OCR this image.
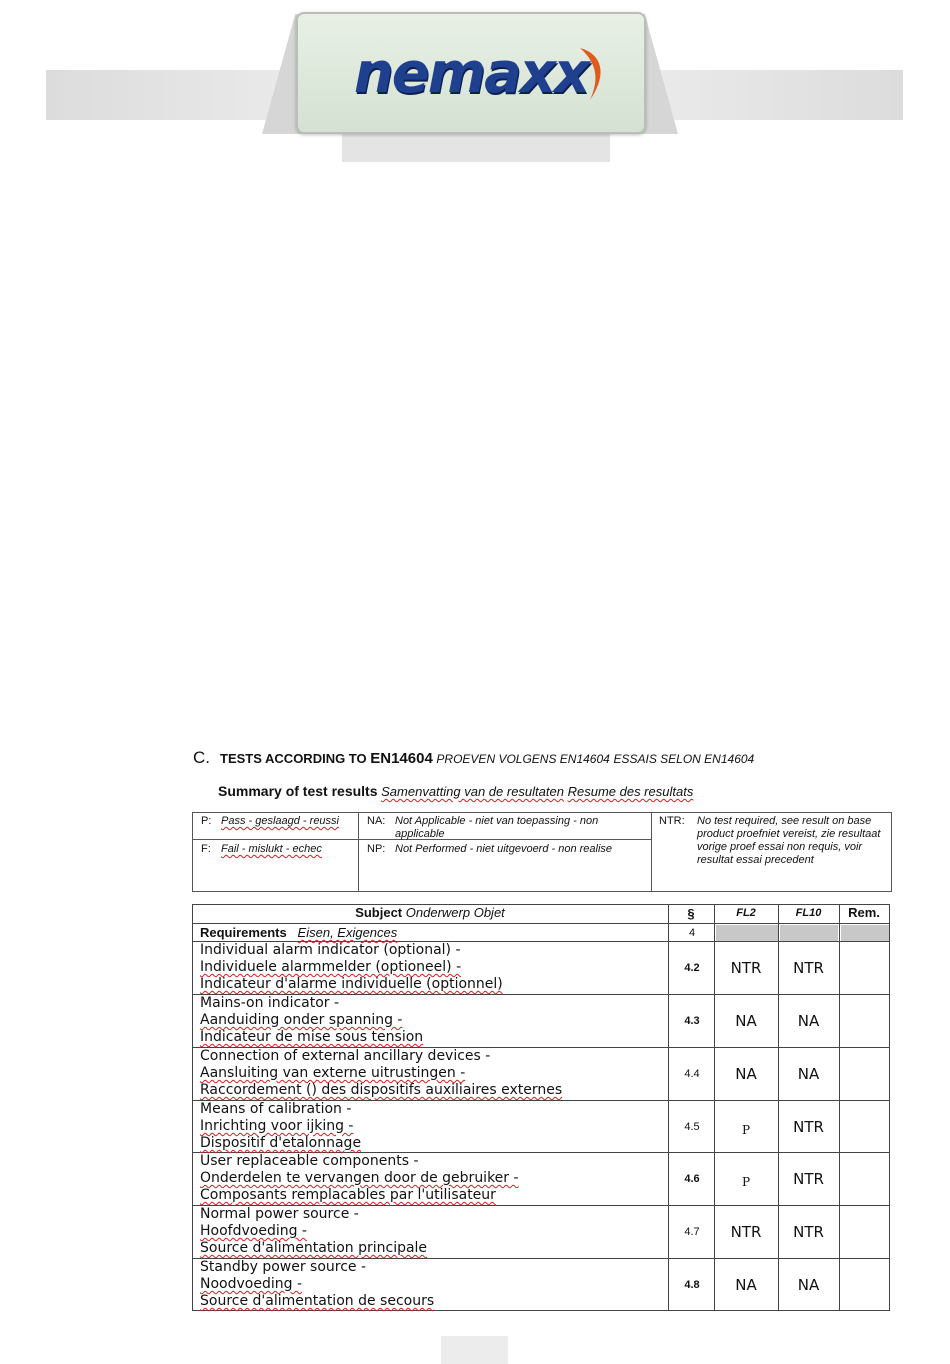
nemaxx
C. TESTS ACCORDING TO EN14604 PROEVEN VOLGENS EN14604 ESSAIS SELON EN14604
Summary of test results Samenvatting van de resultaten Resume des resultats
P: Pass - geslaagd - reussi
F: Fail - mislukt - echec
NA: Not Applicable - niet van toepassing - non applicable
NP: Not Performed - niet uitgevoerd - non realise
NTR: No test required, see result on base product proefniet vereist, zie resultaat vorige proef essai non requis, voir resultat essai precedent
Subject Onderwerp Objet	§	FL2	FL10	Rem.
Requirements Eisen, Exigences	4
Individual alarm indicator (optional) -
Individuele alarmmelder (optioneel) -
Indicateur d'alarme individuelle (optionnel)
4.2	NTR	NTR
Mains-on indicator -
Aanduiding onder spanning -
Indicateur de mise sous tension
4.3	NA	NA
Connection of external ancillary devices -
Aansluiting van externe uitrustingen -
Raccordement () des dispositifs auxiliaires externes
4.4	NA	NA
Means of calibration -
Inrichting voor ijking -
Dispositif d'etalonnage
4.5	P	NTR
User replaceable components -
Onderdelen te vervangen door de gebruiker -
Composants remplacables par l'utilisateur
4.6	P	NTR
Normal power source -
Hoofdvoeding -
Source d'alimentation principale
4.7	NTR	NTR
Standby power source -
Noodvoeding -
Source d'alimentation de secours
4.8	NA	NA
